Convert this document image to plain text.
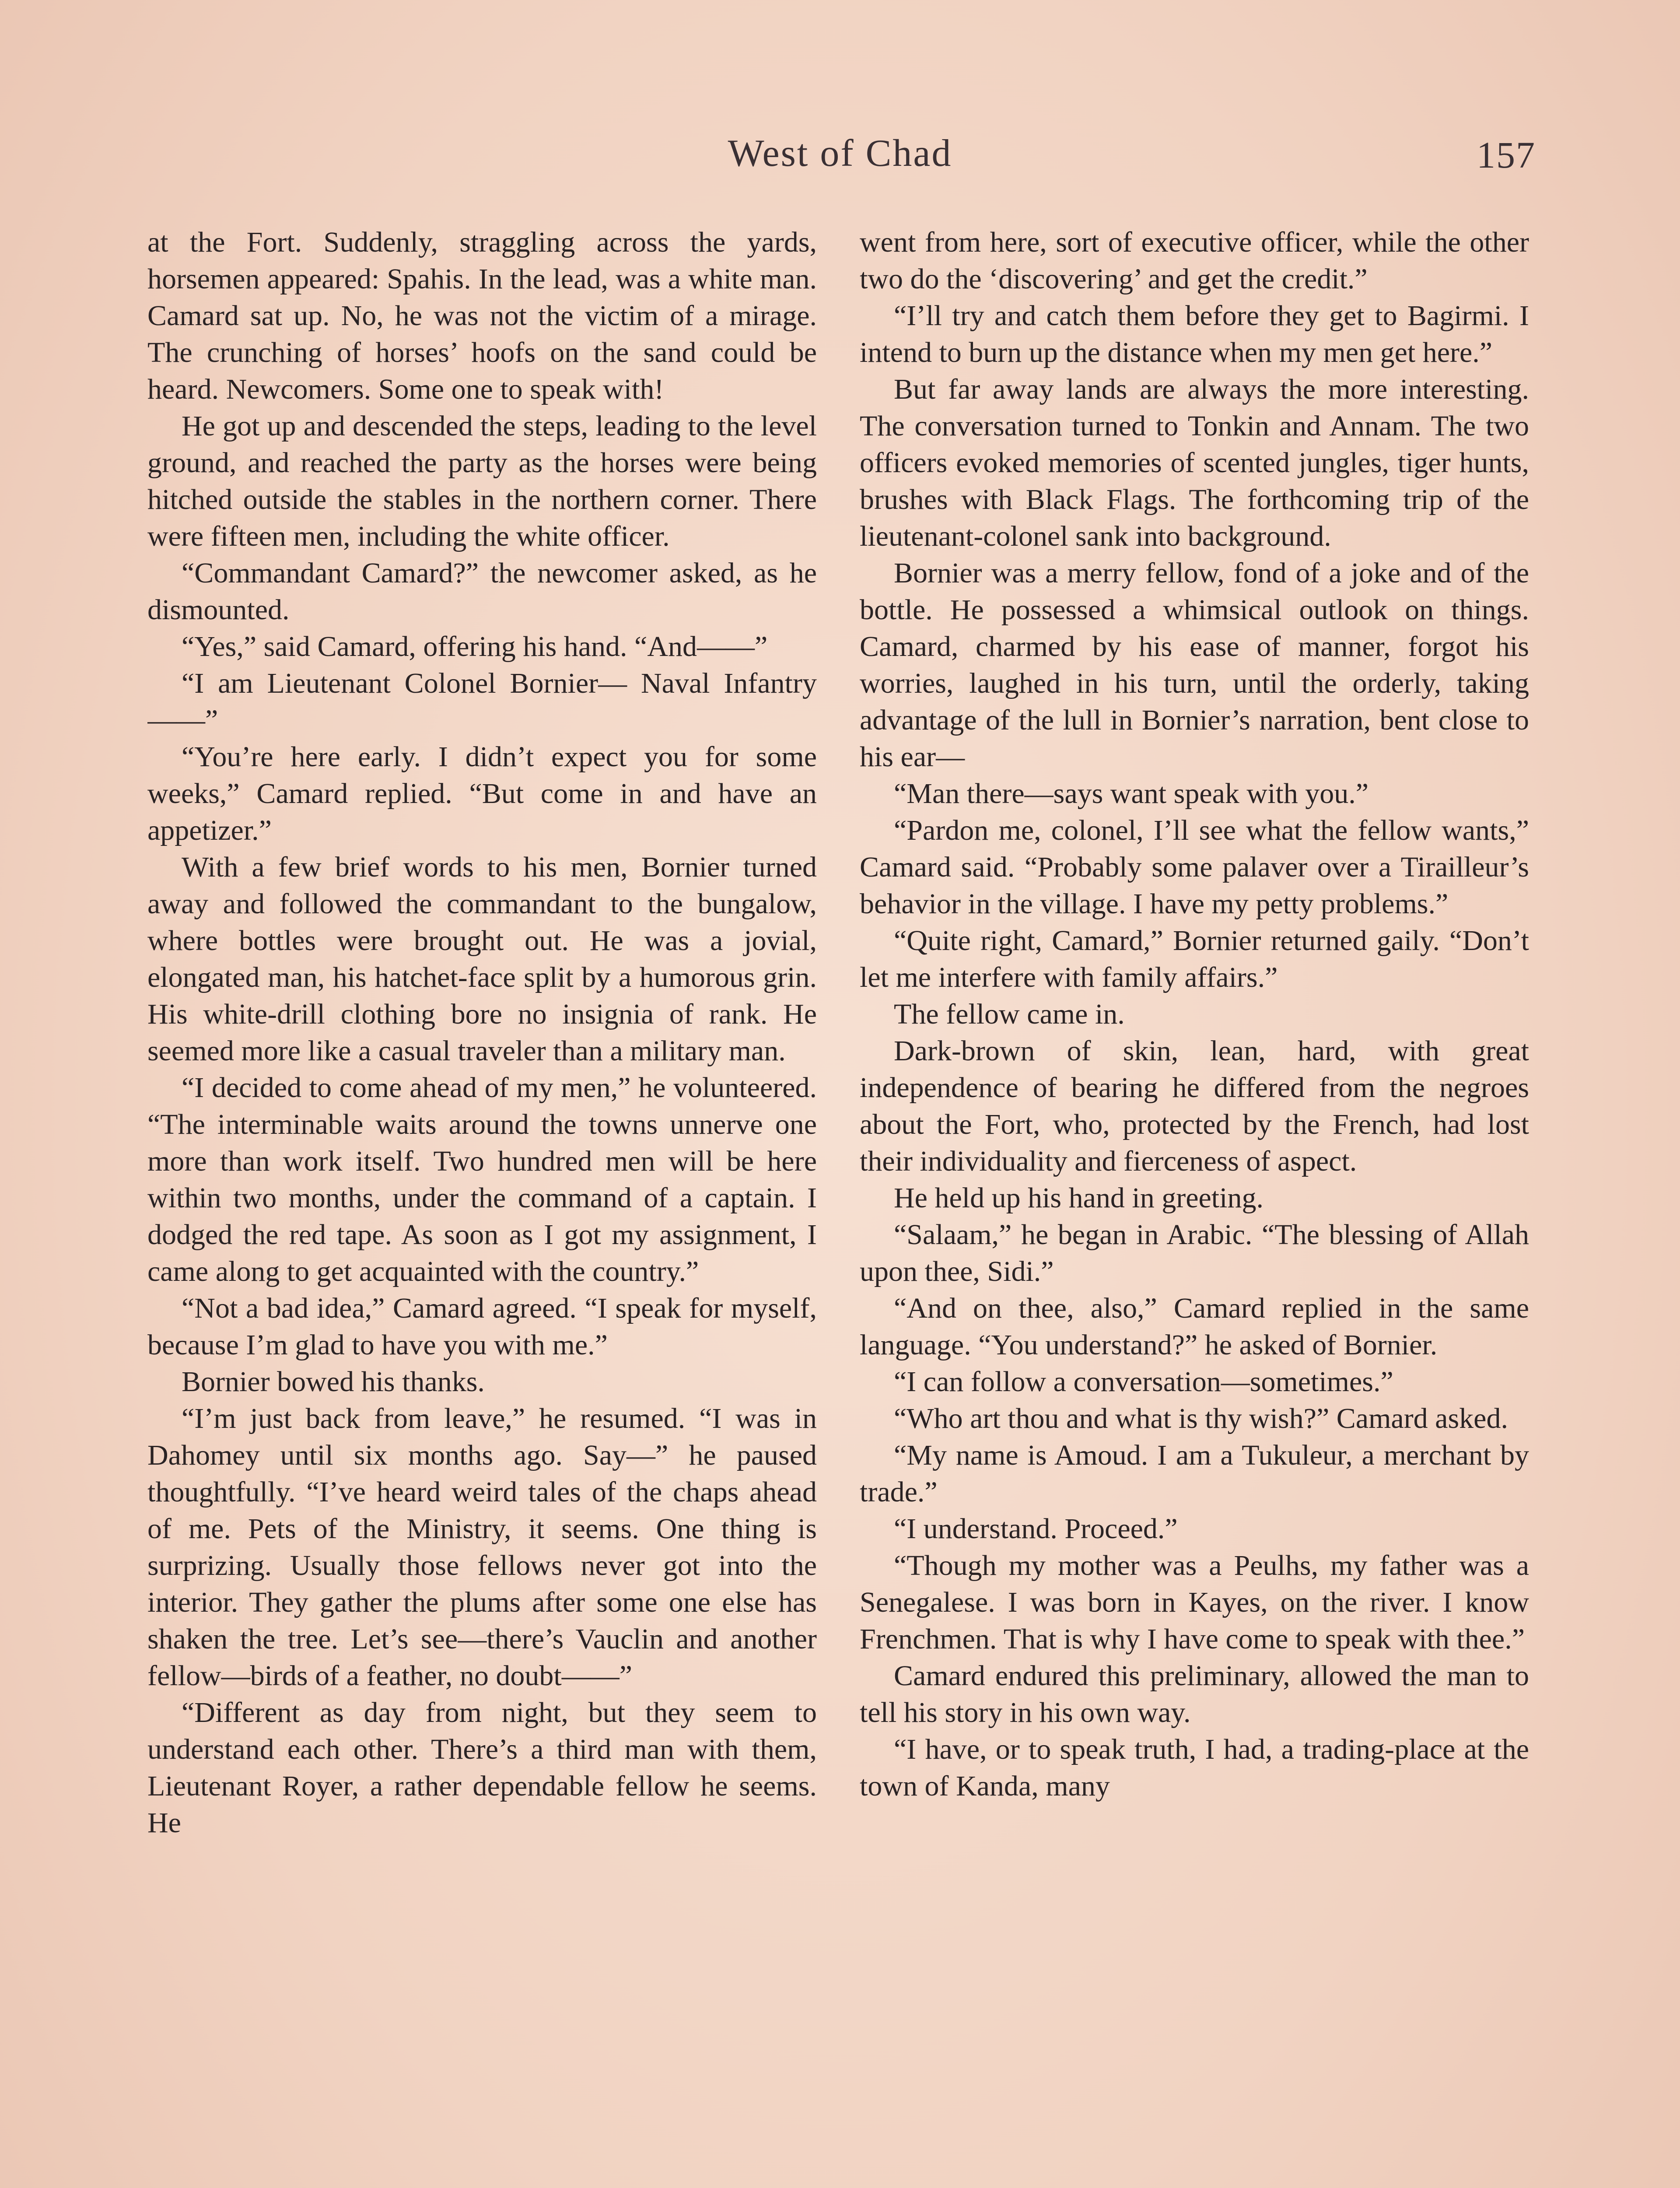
West of Chad	157

at the Fort. Suddenly, straggling across the yards, horsemen appeared: Spahis. In the lead, was a white man. Camard sat up. No, he was not the victim of a mirage. The crunching of horses’ hoofs on the sand could be heard. Newcomers. Some one to speak with!

He got up and descended the steps, leading to the level ground, and reached the party as the horses were being hitched outside the stables in the northern corner. There were fifteen men, including the white officer.

“Commandant Camard?” the newcomer asked, as he dismounted.

“Yes,” said Camard, offering his hand. “And——”

“I am Lieutenant Colonel Bornier— Naval Infantry——”

“You’re here early. I didn’t expect you for some weeks,” Camard replied. “But come in and have an appetizer.”

With a few brief words to his men, Bornier turned away and followed the commandant to the bungalow, where bottles were brought out. He was a jovial, elongated man, his hatchet-face split by a humorous grin. His white-drill clothing bore no insignia of rank. He seemed more like a casual traveler than a military man.

“I decided to come ahead of my men,” he volunteered. “The interminable waits around the towns unnerve one more than work itself. Two hundred men will be here within two months, under the command of a captain. I dodged the red tape. As soon as I got my assignment, I came along to get acquainted with the country.”

“Not a bad idea,” Camard agreed. “I speak for myself, because I’m glad to have you with me.”

Bornier bowed his thanks.

“I’m just back from leave,” he resumed. “I was in Dahomey until six months ago. Say—” he paused thoughtfully. “I’ve heard weird tales of the chaps ahead of me. Pets of the Ministry, it seems. One thing is surprizing. Usually those fellows never got into the interior. They gather the plums after some one else has shaken the tree. Let’s see—there’s Vauclin and another fellow—birds of a feather, no doubt——”

“Different as day from night, but they seem to understand each other. There’s a third man with them, Lieutenant Royer, a rather dependable fellow he seems. He

went from here, sort of executive officer, while the other two do the ‘discovering’ and get the credit.”

“I’ll try and catch them before they get to Bagirmi. I intend to burn up the distance when my men get here.”

But far away lands are always the more interesting. The conversation turned to Tonkin and Annam. The two officers evoked memories of scented jungles, tiger hunts, brushes with Black Flags. The forthcoming trip of the lieutenant-colonel sank into background.

Bornier was a merry fellow, fond of a joke and of the bottle. He possessed a whimsical outlook on things. Camard, charmed by his ease of manner, forgot his worries, laughed in his turn, until the orderly, taking advantage of the lull in Bornier’s narration, bent close to his ear—

“Man there—says want speak with you.”

“Pardon me, colonel, I’ll see what the fellow wants,” Camard said. “Probably some palaver over a Tirailleur’s behavior in the village. I have my petty problems.”

“Quite right, Camard,” Bornier returned gaily. “Don’t let me interfere with family affairs.”

The fellow came in.

Dark-brown of skin, lean, hard, with great independence of bearing he differed from the negroes about the Fort, who, protected by the French, had lost their individuality and fierceness of aspect.

He held up his hand in greeting.

“Salaam,” he began in Arabic. “The blessing of Allah upon thee, Sidi.”

“And on thee, also,” Camard replied in the same language. “You understand?” he asked of Bornier.

“I can follow a conversation—sometimes.”

“Who art thou and what is thy wish?” Camard asked.

“My name is Amoud. I am a Tukuleur, a merchant by trade.”

“I understand. Proceed.”

“Though my mother was a Peulhs, my father was a Senegalese. I was born in Kayes, on the river. I know Frenchmen. That is why I have come to speak with thee.”

Camard endured this preliminary, allowed the man to tell his story in his own way.

“I have, or to speak truth, I had, a trading-place at the town of Kanda, many
